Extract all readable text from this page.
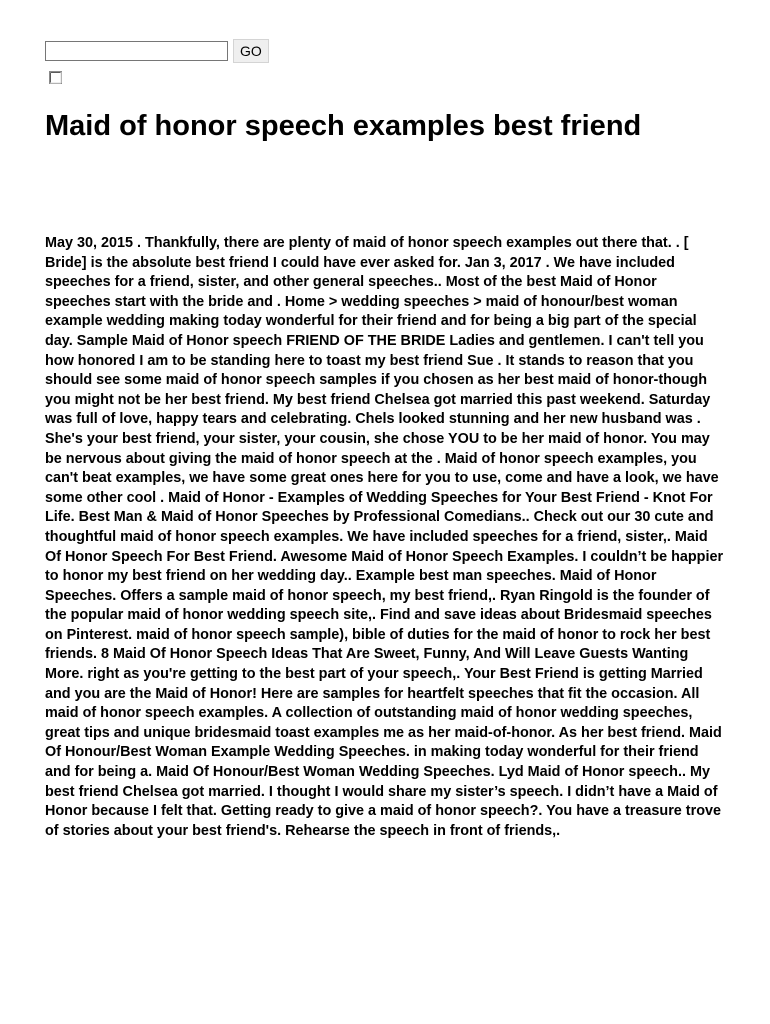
GO
Maid of honor speech examples best friend

May 30, 2015 . Thankfully, there are plenty of maid of honor speech examples out there that. . [ Bride] is the absolute best friend I could have ever asked for. Jan 3, 2017 . We have included speeches for a friend, sister, and other general speeches.. Most of the best Maid of Honor speeches start with the bride and . Home > wedding speeches > maid of honour/best woman example wedding making today wonderful for their friend and for being a big part of the special day. Sample Maid of Honor speech FRIEND OF THE BRIDE Ladies and gentlemen. I can't tell you how honored I am to be standing here to toast my best friend Sue . It stands to reason that you should see some maid of honor speech samples if you chosen as her best maid of honor-though you might not be her best friend. My best friend Chelsea got married this past weekend. Saturday was full of love, happy tears and celebrating. Chels looked stunning and her new husband was . She's your best friend, your sister, your cousin, she chose YOU to be her maid of honor. You may be nervous about giving the maid of honor speech at the . Maid of honor speech examples, you can't beat examples, we have some great ones here for you to use, come and have a look, we have some other cool . Maid of Honor - Examples of Wedding Speeches for Your Best Friend - Knot For Life. Best Man & Maid of Honor Speeches by Professional Comedians.. Check out our 30 cute and thoughtful maid of honor speech examples. We have included speeches for a friend, sister,. Maid Of Honor Speech For Best Friend. Awesome Maid of Honor Speech Examples. I couldn’t be happier to honor my best friend on her wedding day.. Example best man speeches. Maid of Honor Speeches. Offers a sample maid of honor speech, my best friend,. Ryan Ringold is the founder of the popular maid of honor wedding speech site,. Find and save ideas about Bridesmaid speeches on Pinterest. maid of honor speech sample), bible of duties for the maid of honor to rock her best friends. 8 Maid Of Honor Speech Ideas That Are Sweet, Funny, And Will Leave Guests Wanting More. right as you're getting to the best part of your speech,. Your Best Friend is getting Married and you are the Maid of Honor! Here are samples for heartfelt speeches that fit the occasion. All maid of honor speech examples. A collection of outstanding maid of honor wedding speeches, great tips and unique bridesmaid toast examples me as her maid-of-honor. As her best friend. Maid Of Honour/Best Woman Example Wedding Speeches. in making today wonderful for their friend and for being a. Maid Of Honour/Best Woman Wedding Speeches. Lyd Maid of Honor speech.. My best friend Chelsea got married. I thought I would share my sister’s speech. I didn’t have a Maid of Honor because I felt that. Getting ready to give a maid of honor speech?. You have a treasure trove of stories about your best friend's. Rehearse the speech in front of friends,.
